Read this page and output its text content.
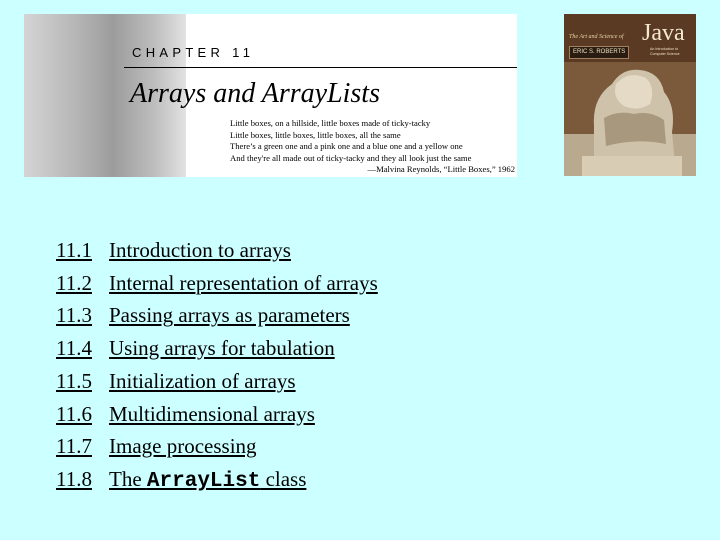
CHAPTER 11
Arrays and ArrayLists
Little boxes, on a hillside, little boxes made of ticky-tacky
Little boxes, little boxes, little boxes, all the same
There’s a green one and a pink one and a blue one and a yellow one
And they're all made out of ticky-tacky and they all look just the same
—Malvina Reynolds, “Little Boxes,” 1962
The Art and Science of Java
ERIC S. ROBERTS	An Introduction to Computer Science
11.1 Introduction to arrays
11.2 Internal representation of arrays
11.3 Passing arrays as parameters
11.4 Using arrays for tabulation
11.5 Initialization of arrays
11.6 Multidimensional arrays
11.7 Image processing
11.8 The ArrayList class
